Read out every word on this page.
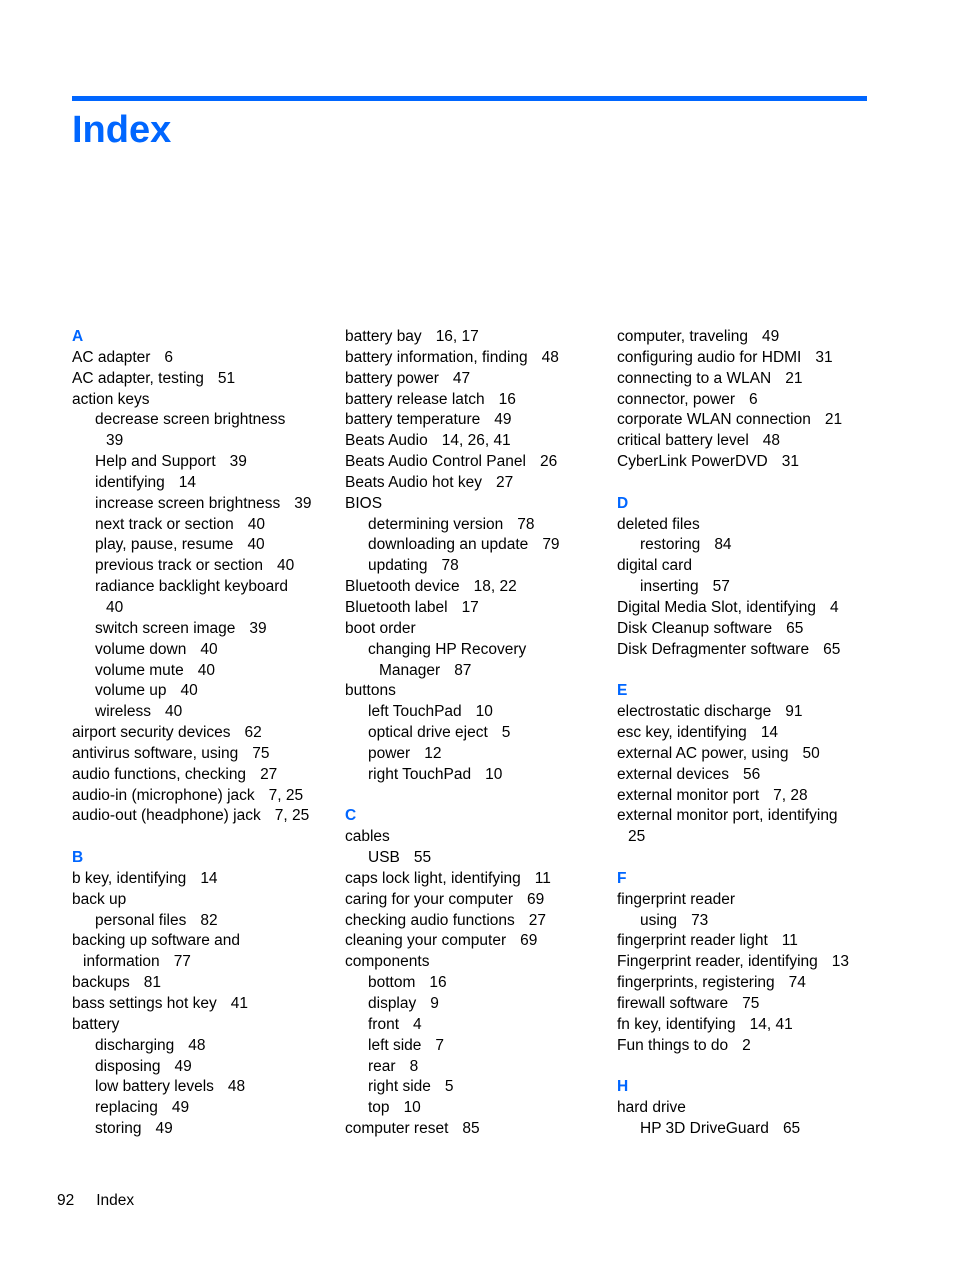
Index
A
AC adapter 6
AC adapter, testing 51
action keys
decrease screen brightness
39
Help and Support 39
identifying 14
increase screen brightness 39
next track or section 40
play, pause, resume 40
previous track or section 40
radiance backlight keyboard
40
switch screen image 39
volume down 40
volume mute 40
volume up 40
wireless 40
airport security devices 62
antivirus software, using 75
audio functions, checking 27
audio-in (microphone) jack 7, 25
audio-out (headphone) jack 7, 25
B
b key, identifying 14
back up
personal files 82
backing up software and
information 77
backups 81
bass settings hot key 41
battery
discharging 48
disposing 49
low battery levels 48
replacing 49
storing 49
battery bay 16, 17
battery information, finding 48
battery power 47
battery release latch 16
battery temperature 49
Beats Audio 14, 26, 41
Beats Audio Control Panel 26
Beats Audio hot key 27
BIOS
determining version 78
downloading an update 79
updating 78
Bluetooth device 18, 22
Bluetooth label 17
boot order
changing HP Recovery
Manager 87
buttons
left TouchPad 10
optical drive eject 5
power 12
right TouchPad 10
C
cables
USB 55
caps lock light, identifying 11
caring for your computer 69
checking audio functions 27
cleaning your computer 69
components
bottom 16
display 9
front 4
left side 7
rear 8
right side 5
top 10
computer reset 85
computer, traveling 49
configuring audio for HDMI 31
connecting to a WLAN 21
connector, power 6
corporate WLAN connection 21
critical battery level 48
CyberLink PowerDVD 31
D
deleted files
restoring 84
digital card
inserting 57
Digital Media Slot, identifying 4
Disk Cleanup software 65
Disk Defragmenter software 65
E
electrostatic discharge 91
esc key, identifying 14
external AC power, using 50
external devices 56
external monitor port 7, 28
external monitor port, identifying
25
F
fingerprint reader
using 73
fingerprint reader light 11
Fingerprint reader, identifying 13
fingerprints, registering 74
firewall software 75
fn key, identifying 14, 41
Fun things to do 2
H
hard drive
HP 3D DriveGuard 65
92 Index
